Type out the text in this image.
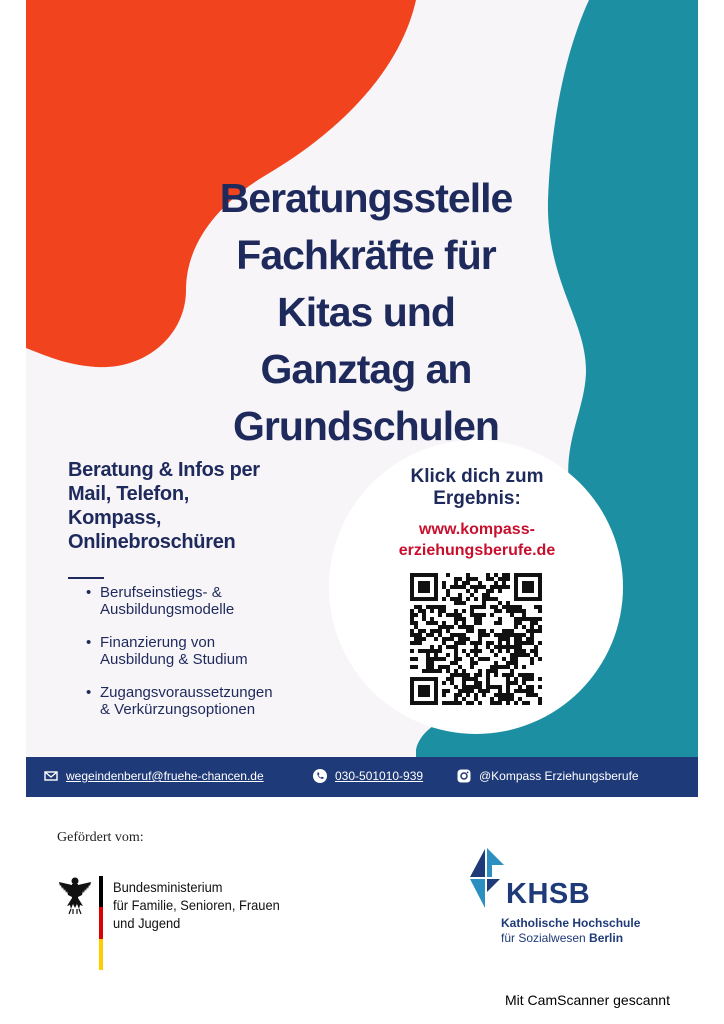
Beratungsstelle
Fachkräfte für
Kitas und
Ganztag an
Grundschulen
Beratung & Infos per
Mail, Telefon,
Kompass,
Onlinebroschüren
• Berufseinstiegs- &
Ausbildungsmodelle
• Finanzierung von
Ausbildung & Studium
• Zugangsvoraussetzungen
& Verkürzungsoptionen
Klick dich zum
Ergebnis:
www.kompass-
erziehungsberufe.de
wegeindenberuf@fruehe-chancen.de	030-501010-939	@Kompass Erziehungsberufe
Gefördert vom:
Bundesministerium
für Familie, Senioren, Frauen
und Jugend
KHSB
Katholische Hochschule
für Sozialwesen Berlin
Mit CamScanner gescannt
